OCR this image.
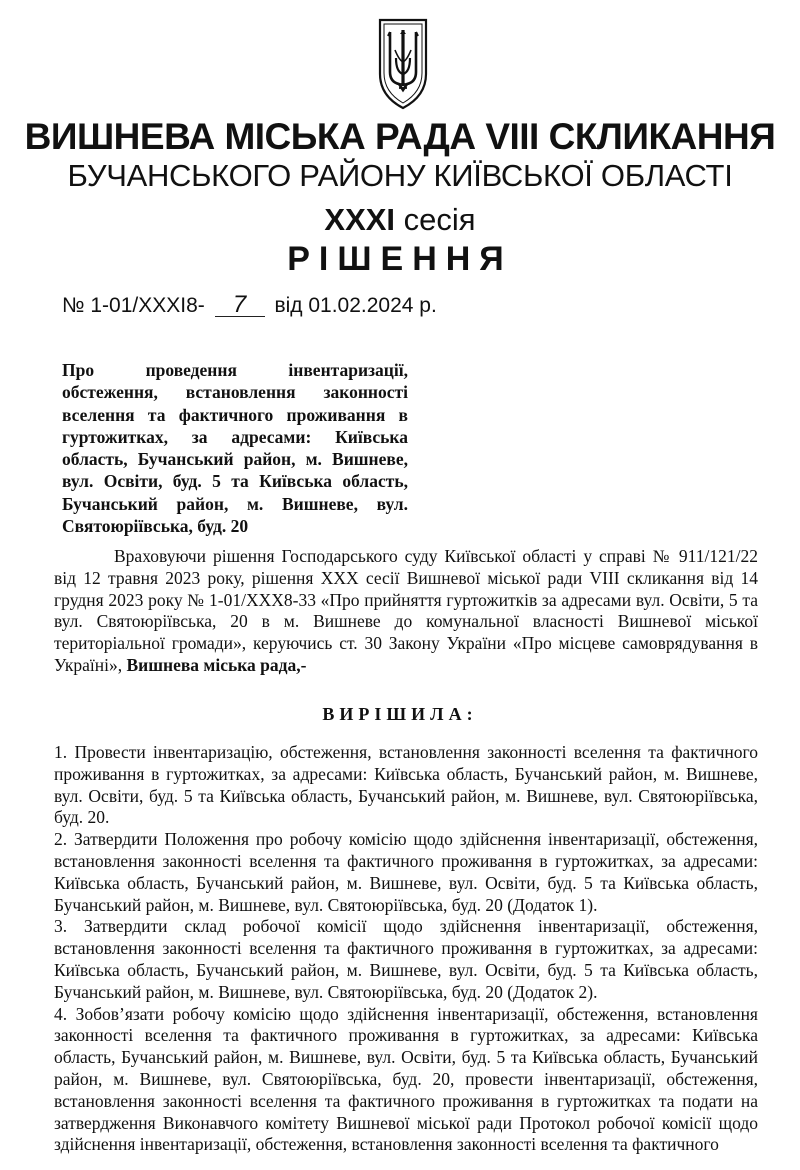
ВИШНЕВА МІСЬКА РАДА VIII СКЛИКАННЯ
БУЧАНСЬКОГО РАЙОНУ КИЇВСЬКОЇ ОБЛАСТІ
XXXI сесія
РІШЕННЯ
№ 1-01/XXXI8- 7 від 01.02.2024 р.
Про проведення інвентаризації, обстеження, встановлення законності вселення та фактичного проживання в гуртожитках, за адресами: Київська область, Бучанський район, м. Вишневе, вул. Освіти, буд. 5 та Київська область, Бучанський район, м. Вишневе, вул. Святоюріївська, буд. 20

Враховуючи рішення Господарського суду Київської області у справі № 911/121/22 від 12 травня 2023 року, рішення XXX сесії Вишневої міської ради VIII скликання від 14 грудня 2023 року № 1-01/XXX8-33 «Про прийняття гуртожитків за адресами вул. Освіти, 5 та вул. Святоюріївська, 20 в м. Вишневе до комунальної власності Вишневої міської територіальної громади», керуючись ст. 30 Закону України «Про місцеве самоврядування в Україні», Вишнева міська рада,-

ВИРІШИЛА:

1. Провести інвентаризацію, обстеження, встановлення законності вселення та фактичного проживання в гуртожитках, за адресами: Київська область, Бучанський район, м. Вишневе, вул. Освіти, буд. 5 та Київська область, Бучанський район, м. Вишневе, вул. Святоюріївська, буд. 20.

2. Затвердити Положення про робочу комісію щодо здійснення інвентаризації, обстеження, встановлення законності вселення та фактичного проживання в гуртожитках, за адресами: Київська область, Бучанський район, м. Вишневе, вул. Освіти, буд. 5 та Київська область, Бучанський район, м. Вишневе, вул. Святоюріївська, буд. 20 (Додаток 1).

3. Затвердити склад робочої комісії щодо здійснення інвентаризації, обстеження, встановлення законності вселення та фактичного проживання в гуртожитках, за адресами: Київська область, Бучанський район, м. Вишневе, вул. Освіти, буд. 5 та Київська область, Бучанський район, м. Вишневе, вул. Святоюріївська, буд. 20 (Додаток 2).

4. Зобов’язати робочу комісію щодо здійснення інвентаризації, обстеження, встановлення законності вселення та фактичного проживання в гуртожитках, за адресами: Київська область, Бучанський район, м. Вишневе, вул. Освіти, буд. 5 та Київська область, Бучанський район, м. Вишневе, вул. Святоюріївська, буд. 20, провести інвентаризації, обстеження, встановлення законності вселення та фактичного проживання в гуртожитках та подати на затвердження Виконавчого комітету Вишневої міської ради Протокол робочої комісії щодо здійснення інвентаризації, обстеження, встановлення законності вселення та фактичного
